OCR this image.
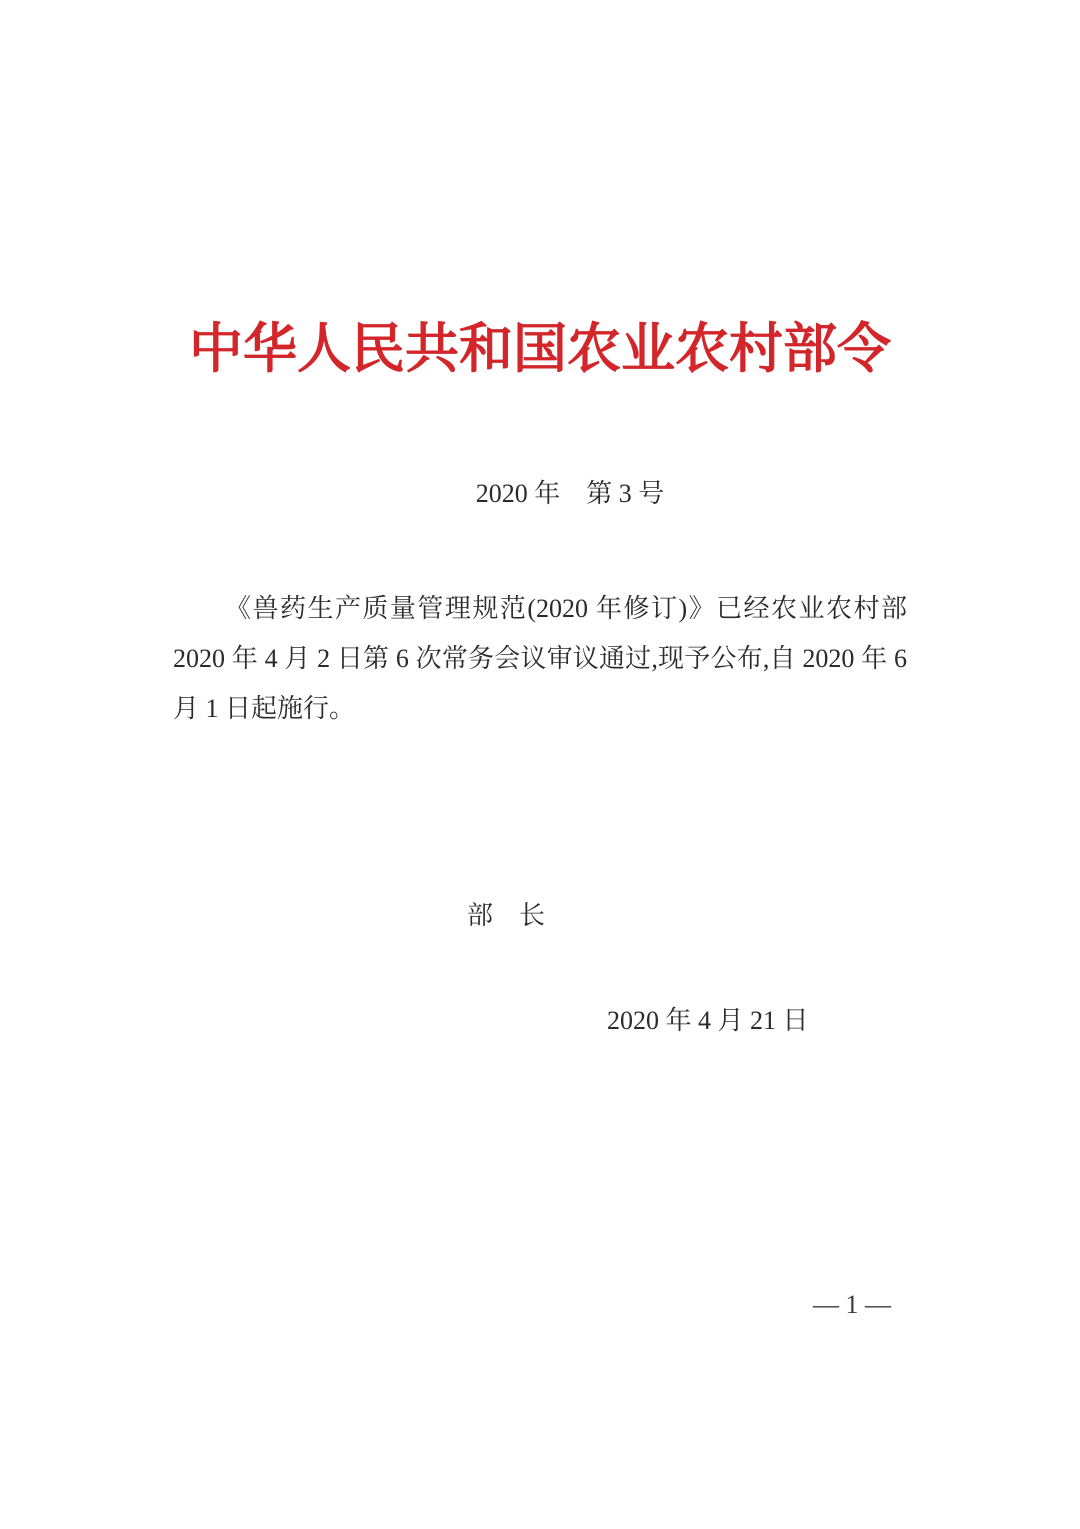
中华人民共和国农业农村部令
2020 年　第 3 号
《兽药生产质量管理规范(2020 年修订)》已经农业农村部
2020 年 4 月 2 日第 6 次常务会议审议通过,现予公布,自 2020 年 6
月 1 日起施行。
部　长
2020 年 4 月 21 日
— 1 —
